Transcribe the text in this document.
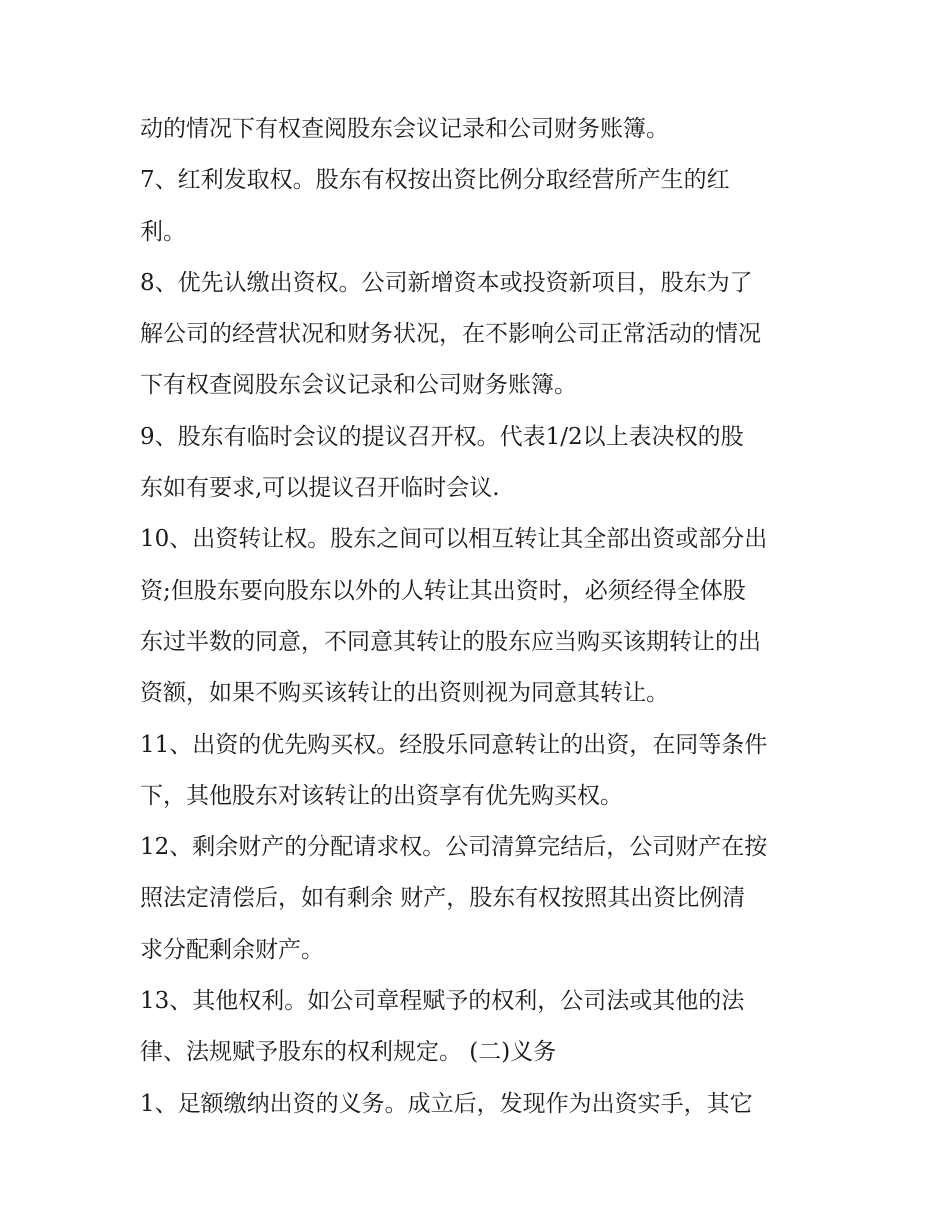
动的情况下有权查阅股东会议记录和公司财务账簿。
7、红利发取权。股东有权按出资比例分取经营所产生的红
利。
8、优先认缴出资权。公司新增资本或投资新项目，股东为了
解公司的经营状况和财务状况，在不影响公司正常活动的情况
下有权查阅股东会议记录和公司财务账簿。
9、股东有临时会议的提议召开权。代表1/2以上表决权的股
东如有要求,可以提议召开临时会议.
10、出资转让权。股东之间可以相互转让其全部出资或部分出
资;但股东要向股东以外的人转让其出资时，必须经得全体股
东过半数的同意，不同意其转让的股东应当购买该期转让的出
资额，如果不购买该转让的出资则视为同意其转让。
11、出资的优先购买权。经股乐同意转让的出资，在同等条件
下，其他股东对该转让的出资享有优先购买权。
12、剩余财产的分配请求权。公司清算完结后，公司财产在按
照法定清偿后，如有剩余 财产，股东有权按照其出资比例清
求分配剩余财产。
13、其他权利。如公司章程赋予的权利，公司法或其他的法
律、法规赋予股东的权利规定。 (二)义务
1、足额缴纳出资的义务。成立后，发现作为出资实手，其它
